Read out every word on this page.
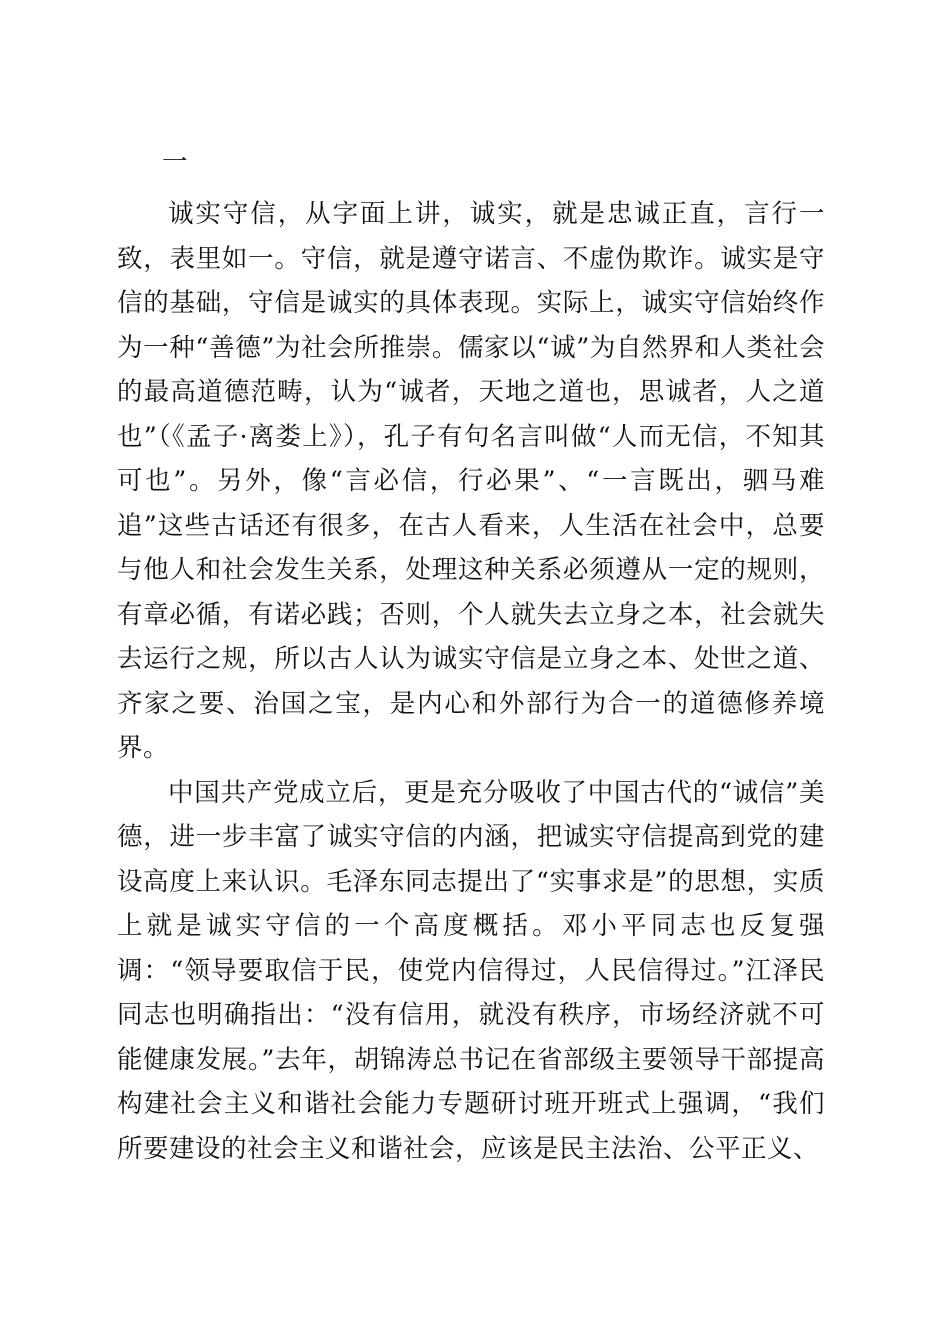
一

诚实守信，从字面上讲，诚实，就是忠诚正直，言行一致，表里如一。守信，就是遵守诺言、不虚伪欺诈。诚实是守信的基础，守信是诚实的具体表现。实际上，诚实守信始终作为一种“善德”为社会所推崇。儒家以“诚”为自然界和人类社会的最高道德范畴，认为“诚者，天地之道也，思诚者，人之道也”（《孟子·离娄上》），孔子有句名言叫做“人而无信，不知其可也”。另外，像“言必信，行必果”、“一言既出，驷马难追”这些古话还有很多，在古人看来，人生活在社会中，总要与他人和社会发生关系，处理这种关系必须遵从一定的规则，有章必循，有诺必践；否则，个人就失去立身之本，社会就失去运行之规，所以古人认为诚实守信是立身之本、处世之道、齐家之要、治国之宝，是内心和外部行为合一的道德修养境界。

中国共产党成立后，更是充分吸收了中国古代的“诚信”美德，进一步丰富了诚实守信的内涵，把诚实守信提高到党的建设高度上来认识。毛泽东同志提出了“实事求是”的思想，实质上就是诚实守信的一个高度概括。邓小平同志也反复强调：“领导要取信于民，使党内信得过，人民信得过。”江泽民同志也明确指出：“没有信用，就没有秩序，市场经济就不可能健康发展。”去年，胡锦涛总书记在省部级主要领导干部提高构建社会主义和谐社会能力专题研讨班开班式上强调，“我们所要建设的社会主义和谐社会，应该是民主法治、公平正义、
